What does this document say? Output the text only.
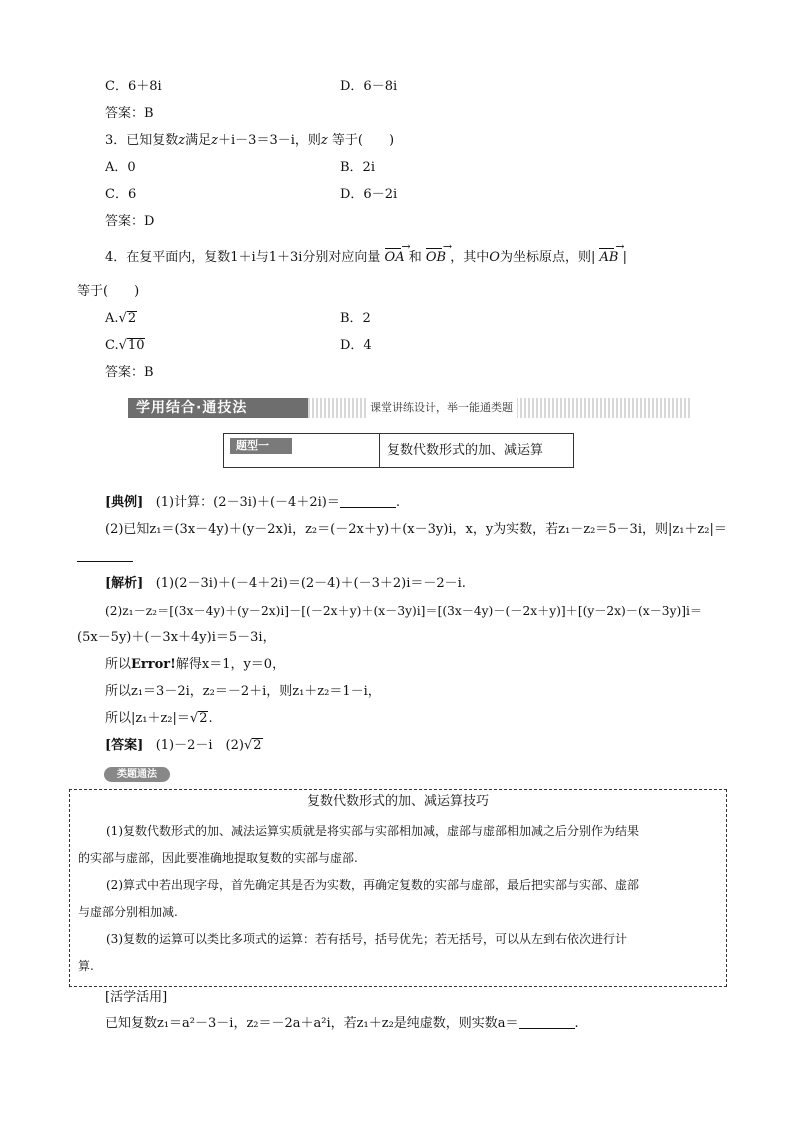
C．6＋8i	D．6－8i
答案：B
3．已知复数z满足z＋i－3＝3－i，则z 等于(　　)
A．0	B．2i
C．6	D．6－2i
答案：D
4．在复平面内，复数1＋i与1＋3i分别对应向量 OA → 和 OB → ，其中O为坐标原点，则| AB → |
等于(　　)
A.√2	B．2
C.√10	D．4
答案：B
学用结合·通技法	课堂讲练设计，举一能通类题
题型一	复数代数形式的加、减运算
[典例] (1)计算：(2－3i)＋(－4＋2i)＝	.
(2)已知z₁＝(3x－4y)＋(y－2x)i，z₂＝(－2x＋y)＋(x－3y)i，x，y为实数，若z₁－z₂＝5－3i，则|z₁＋z₂|＝
[解析] (1)(2－3i)＋(－4＋2i)＝(2－4)＋(－3＋2)i＝－2－i.
(2)z₁－z₂＝[(3x－4y)＋(y－2x)i]－[(－2x＋y)＋(x－3y)i]＝[(3x－4y)－(－2x＋y)]＋[(y－2x)－(x－3y)]i＝
(5x－5y)＋(－3x＋4y)i＝5－3i，
所以Error!解得x＝1，y＝0，
所以z₁＝3－2i，z₂＝－2＋i，则z₁＋z₂＝1－i，
所以|z₁＋z₂|＝√2.
[答案] (1)－2－i　(2)√2
类题通法
复数代数形式的加、减运算技巧
(1)复数代数形式的加、减法运算实质就是将实部与实部相加减，虚部与虚部相加减之后分别作为结果
的实部与虚部，因此要准确地提取复数的实部与虚部.
(2)算式中若出现字母，首先确定其是否为实数，再确定复数的实部与虚部，最后把实部与实部、虚部
与虚部分别相加减.
(3)复数的运算可以类比多项式的运算：若有括号，括号优先；若无括号，可以从左到右依次进行计
算.
[活学活用]
已知复数z₁＝a²－3－i，z₂＝－2a＋a²i，若z₁＋z₂是纯虚数，则实数a＝	.
